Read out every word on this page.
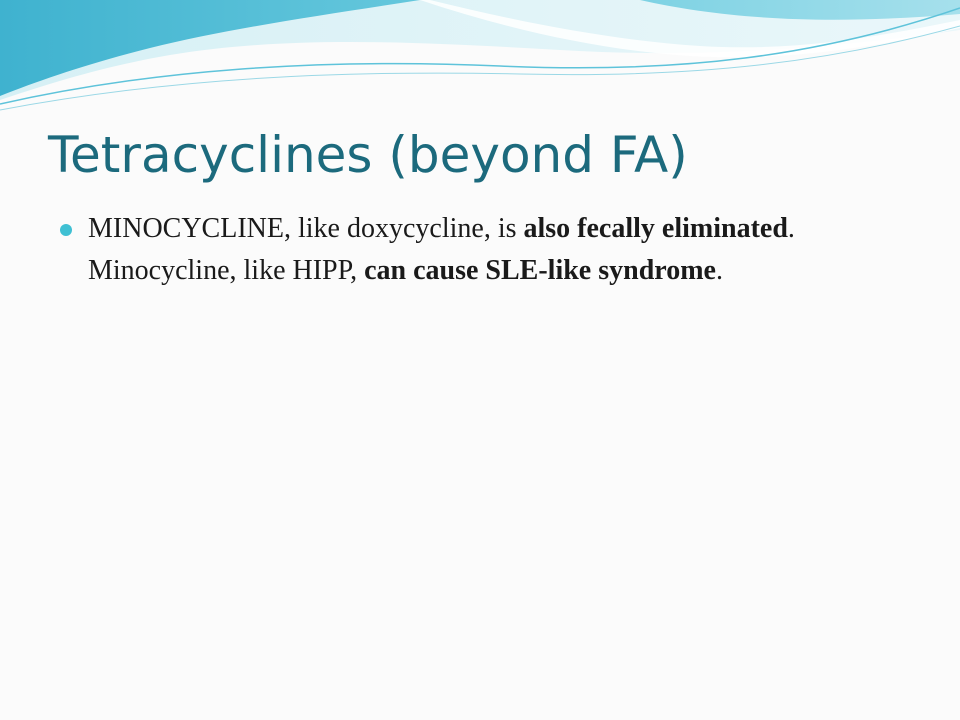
Tetracyclines (beyond FA)
MINOCYCLINE, like doxycycline, is also fecally eliminated. Minocycline, like HIPP, can cause SLE-like syndrome.
